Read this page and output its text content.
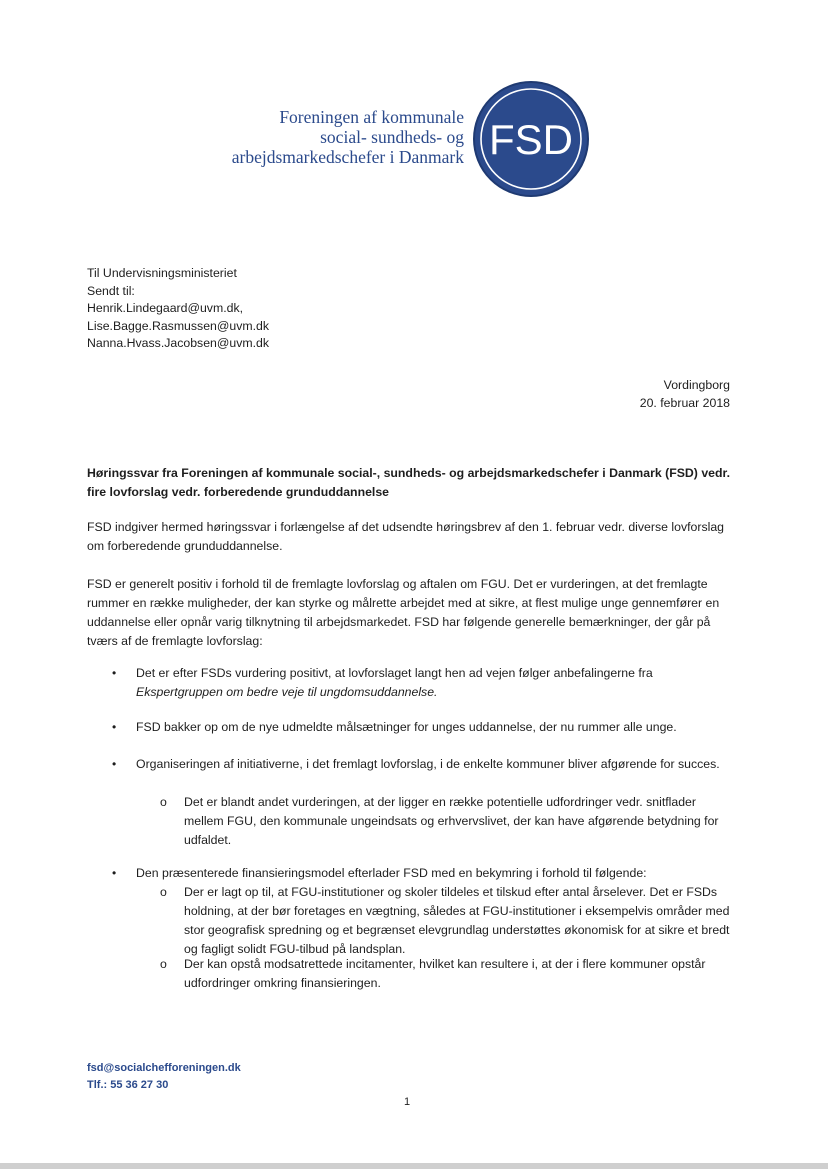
Foreningen af kommunale
social- sundheds- og
arbejdsmarkedschefer i Danmark FSD
Til Undervisningsministeriet
Sendt til:
Henrik.Lindegaard@uvm.dk,
Lise.Bagge.Rasmussen@uvm.dk
Nanna.Hvass.Jacobsen@uvm.dk
Vordingborg
20. februar 2018
Høringssvar fra Foreningen af kommunale social-, sundheds- og arbejdsmarkedschefer i Danmark (FSD) vedr. fire lovforslag vedr. forberedende grunduddannelse
FSD indgiver hermed høringssvar i forlængelse af det udsendte høringsbrev af den 1. februar vedr. diverse lovforslag om forberedende grunduddannelse.
FSD er generelt positiv i forhold til de fremlagte lovforslag og aftalen om FGU. Det er vurderingen, at det fremlagte rummer en række muligheder, der kan styrke og målrette arbejdet med at sikre, at flest mulige unge gennemfører en uddannelse eller opnår varig tilknytning til arbejdsmarkedet. FSD har følgende generelle bemærkninger, der går på tværs af de fremlagte lovforslag:
• Det er efter FSDs vurdering positivt, at lovforslaget langt hen ad vejen følger anbefalingerne fra Ekspertgruppen om bedre veje til ungdomsuddannelse.
• FSD bakker op om de nye udmeldte målsætninger for unges uddannelse, der nu rummer alle unge.
• Organiseringen af initiativerne, i det fremlagt lovforslag, i de enkelte kommuner bliver afgørende for succes.
o Det er blandt andet vurderingen, at der ligger en række potentielle udfordringer vedr. snitflader mellem FGU, den kommunale ungeindsats og erhvervslivet, der kan have afgørende betydning for udfaldet.
• Den præsenterede finansieringsmodel efterlader FSD med en bekymring i forhold til følgende:
o Der er lagt op til, at FGU-institutioner og skoler tildeles et tilskud efter antal årselever. Det er FSDs holdning, at der bør foretages en vægtning, således at FGU-institutioner i eksempelvis områder med stor geografisk spredning og et begrænset elevgrundlag understøttes økonomisk for at sikre et bredt og fagligt solidt FGU-tilbud på landsplan.
o Der kan opstå modsatrettede incitamenter, hvilket kan resultere i, at der i flere kommuner opstår udfordringer omkring finansieringen.
fsd@socialchefforeningen.dk
Tlf.: 55 36 27 30
1
